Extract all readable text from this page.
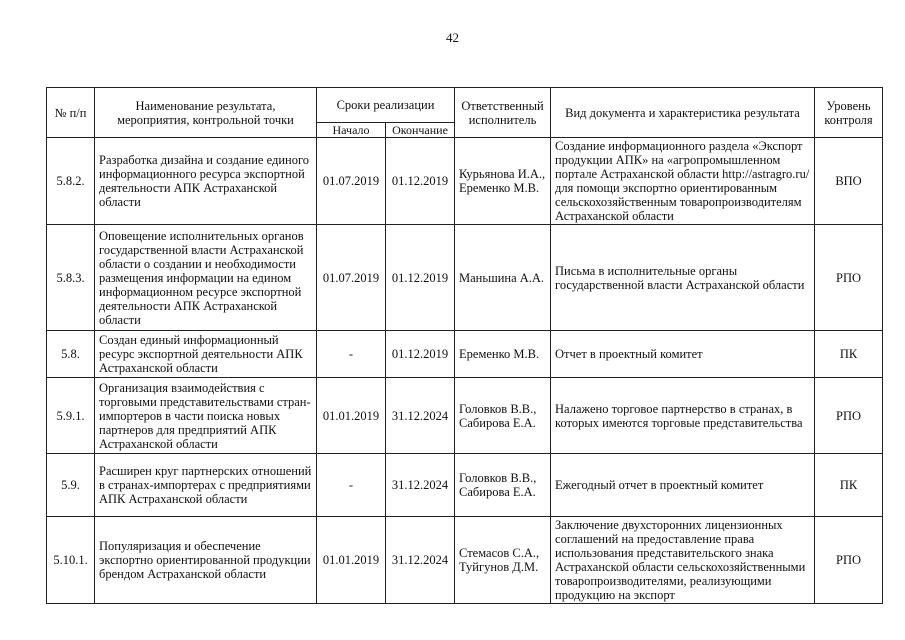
42
№ п/п	Наименование результата, мероприятия, контрольной точки	Сроки реализации		Ответственный исполнитель	Вид документа и характеристика результата	Уровень контроля
		Начало	Окончание			
5.8.2.	Разработка дизайна и создание единого информационного ресурса экспортной деятельности АПК Астраханской области	01.07.2019	01.12.2019	Курьянова И.А., Еременко М.В.	Создание информационного раздела «Экспорт продукции АПК» на «агропромышленном портале Астраханской области http://astragro.ru/ для помощи экспортно ориентированным сельскохозяйственным товаропроизводителям Астраханской области	ВПО
5.8.3.	Оповещение исполнительных органов государственной власти Астраханской области о создании и необходимости размещения информации на едином информационном ресурсе экспортной деятельности АПК Астраханской области	01.07.2019	01.12.2019	Маньшина А.А.	Письма в исполнительные органы государственной власти Астраханской области	РПО
5.8.	Создан единый информационный ресурс экспортной деятельности АПК Астраханской области	-	01.12.2019	Еременко М.В.	Отчет в проектный комитет	ПК
5.9.1.	Организация взаимодействия с торговыми представительствами стран-импортеров в части поиска новых партнеров для предприятий АПК Астраханской области	01.01.2019	31.12.2024	Головков В.В., Сабирова Е.А.	Налажено торговое партнерство в странах, в которых имеются торговые представительства	РПО
5.9.	Расширен круг партнерских отношений в странах-импортерах с предприятиями АПК Астраханской области	-	31.12.2024	Головков В.В., Сабирова Е.А.	Ежегодный отчет в проектный комитет	ПК
5.10.1.	Популяризация и обеспечение экспортно ориентированной продукции брендом Астраханской области	01.01.2019	31.12.2024	Стемасов С.А., Туйгунов Д.М.	Заключение двухсторонних лицензионных соглашений на предоставление права использования представительского знака Астраханской области сельскохозяйственными товаропроизводителями, реализующими продукцию на экспорт	РПО
